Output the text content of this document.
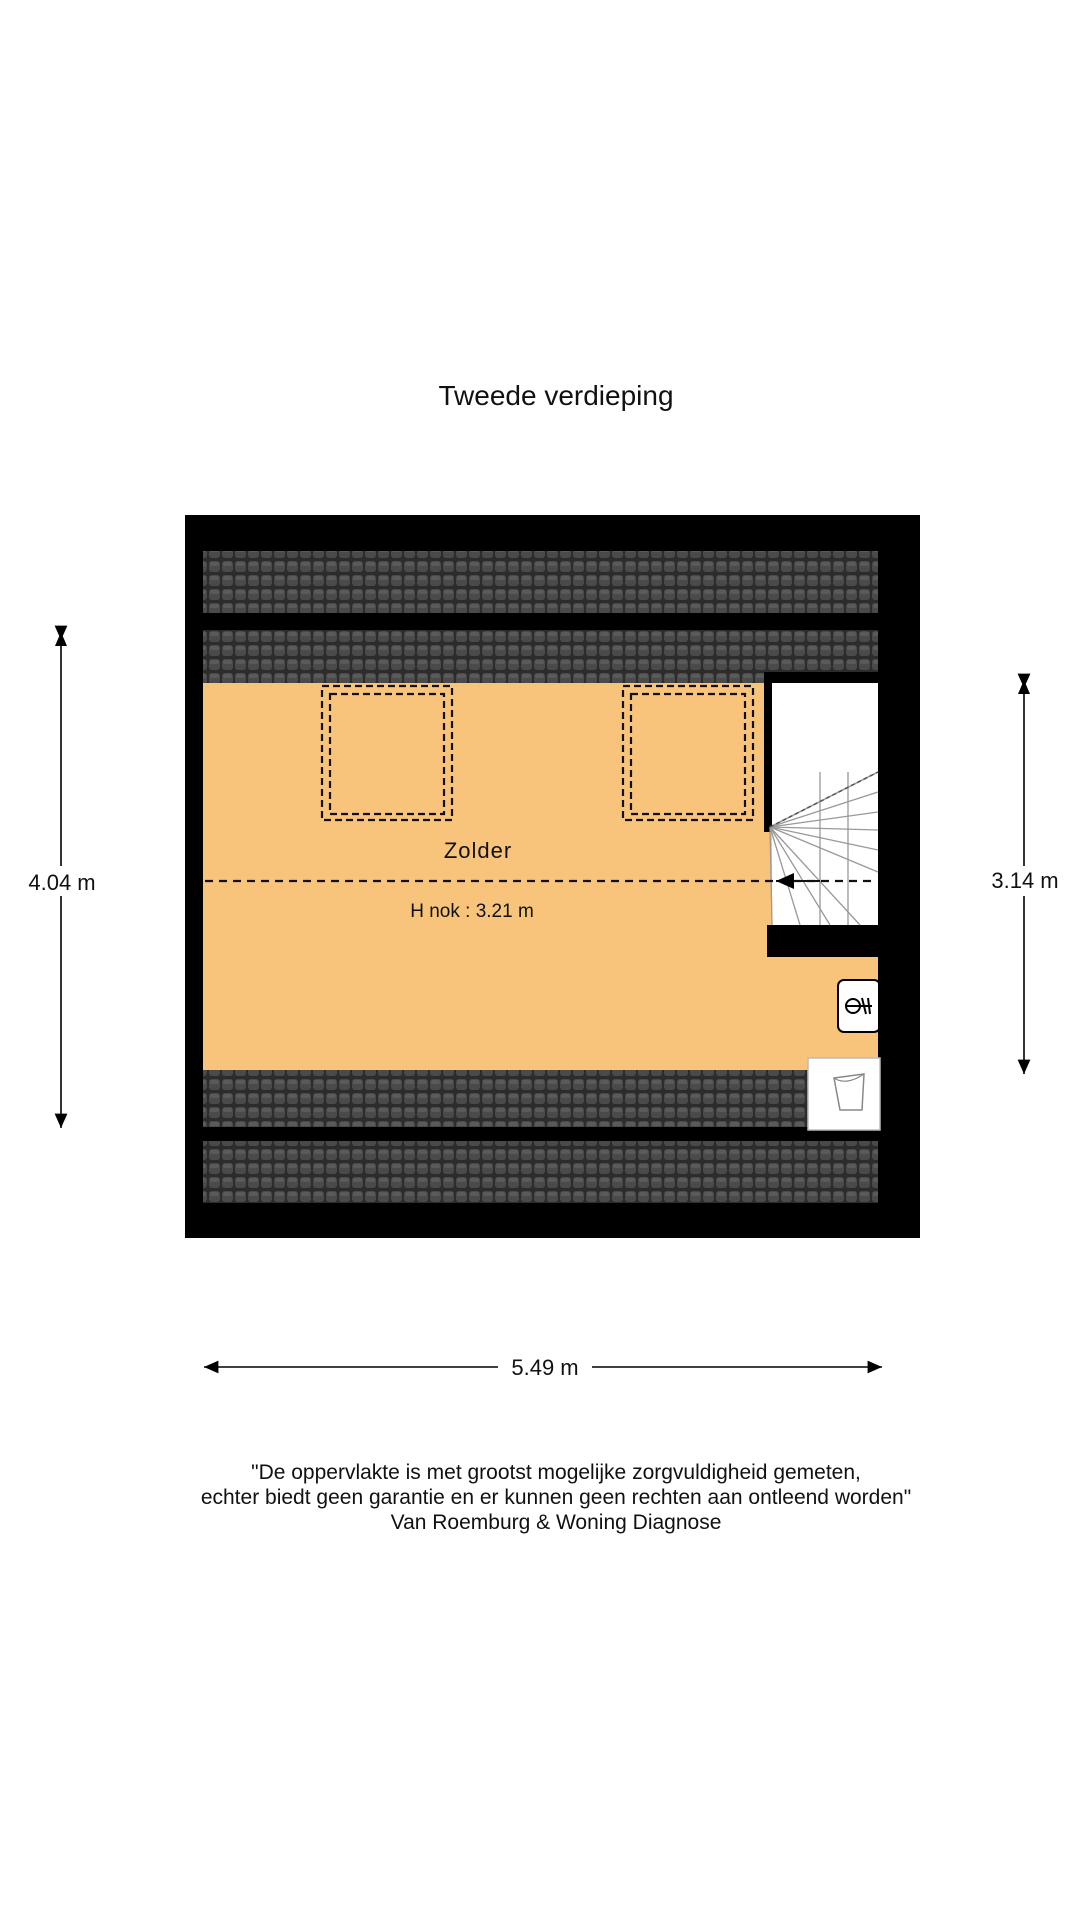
Tweede verdieping
Zolder
H nok : 3.21 m
4.04 m	3.14 m
5.49 m
"De oppervlakte is met grootst mogelijke zorgvuldigheid gemeten,
echter biedt geen garantie en er kunnen geen rechten aan ontleend worden"
Van Roemburg & Woning Diagnose
